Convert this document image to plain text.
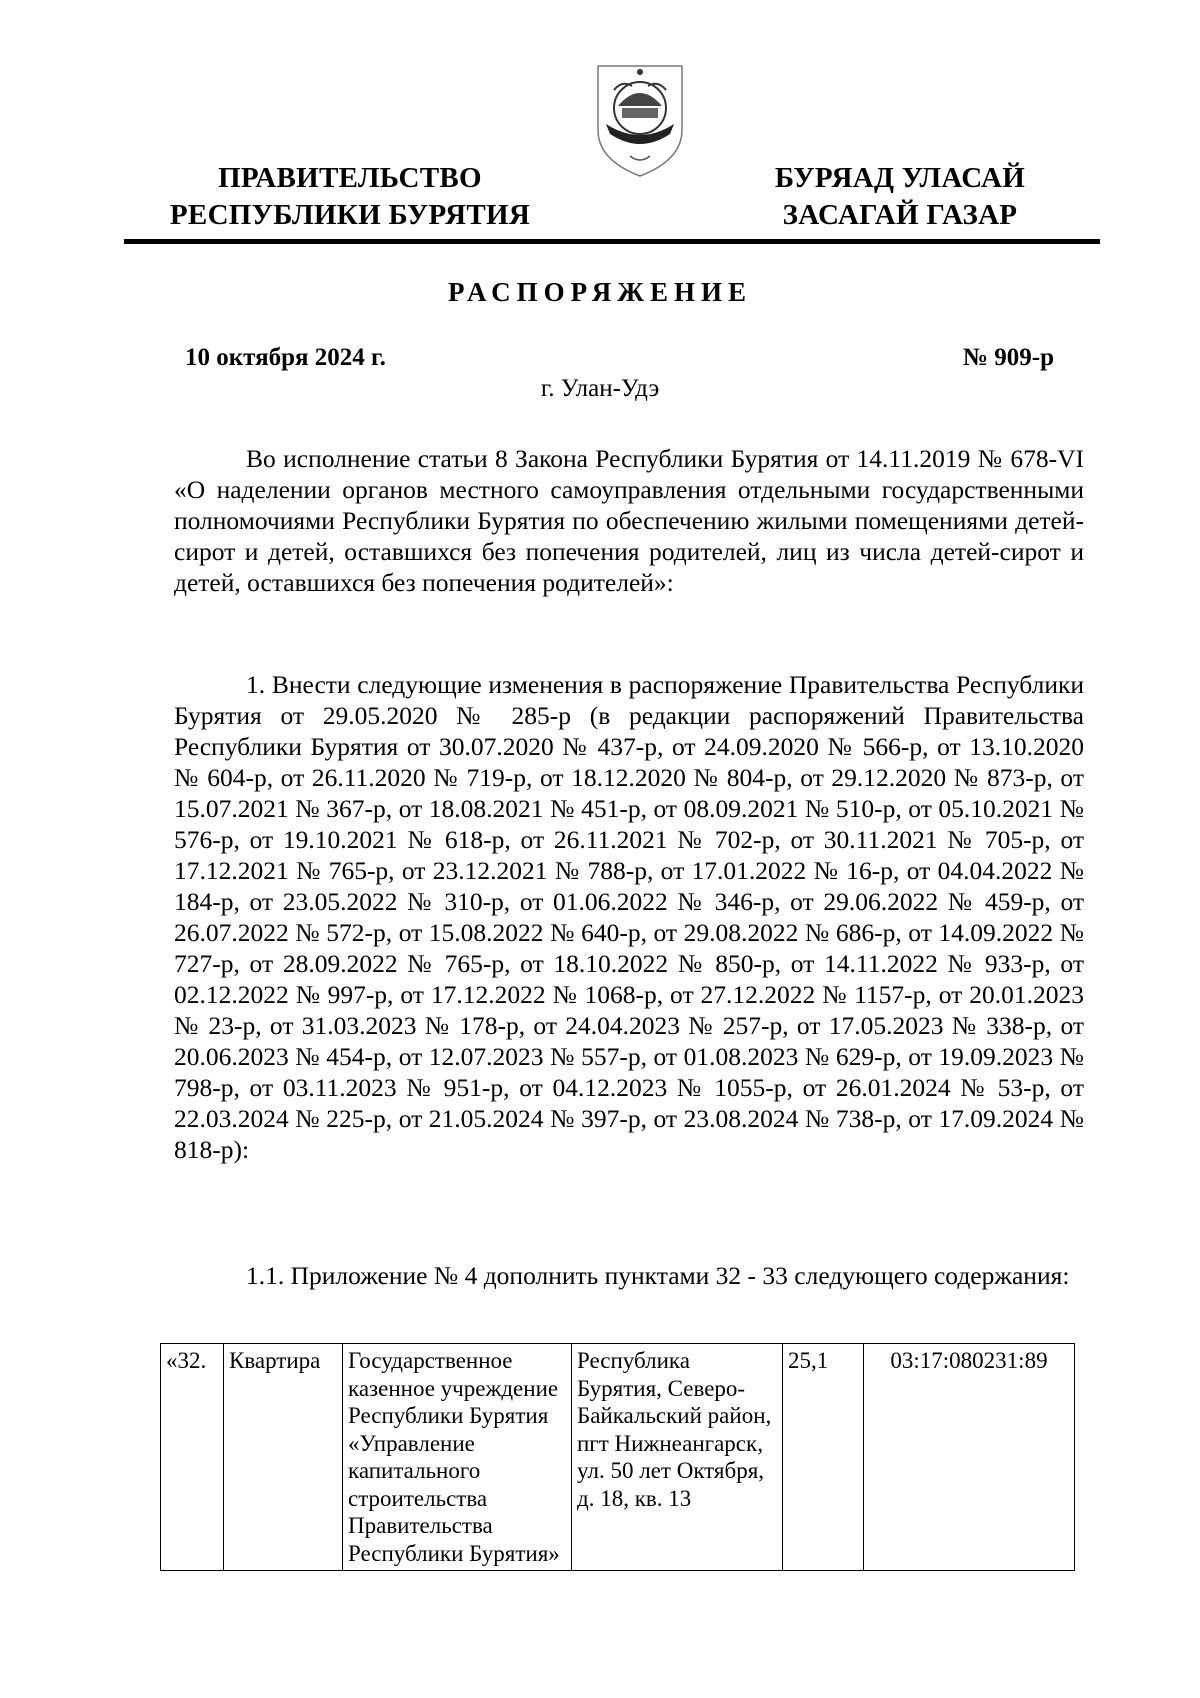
ПРАВИТЕЛЬСТВО
РЕСПУБЛИКИ БУРЯТИЯ
БУРЯАД УЛАСАЙ
ЗАСАГАЙ ГАЗАР
РАСПОРЯЖЕНИЕ
10 октября 2024 г.	№ 909-р
г. Улан-Удэ
Во исполнение статьи 8 Закона Республики Бурятия от 14.11.2019 № 678-VI «О наделении органов местного самоуправления отдельными государственными полномочиями Республики Бурятия по обеспечению жилыми помещениями детей-сирот и детей, оставшихся без попечения родителей, лиц из числа детей-сирот и детей, оставшихся без попечения родителей»:
1. Внести следующие изменения в распоряжение Правительства Республики Бурятия от 29.05.2020 № 285-р (в редакции распоряжений Правительства Республики Бурятия от 30.07.2020 № 437-р, от 24.09.2020 № 566-р, от 13.10.2020 № 604-р, от 26.11.2020 № 719-р, от 18.12.2020 № 804-р, от 29.12.2020 № 873-р, от 15.07.2021 № 367-р, от 18.08.2021 № 451-р, от 08.09.2021 № 510-р, от 05.10.2021 № 576-р, от 19.10.2021 № 618-р, от 26.11.2021 № 702-р, от 30.11.2021 № 705-р, от 17.12.2021 № 765-р, от 23.12.2021 № 788-р, от 17.01.2022 № 16-р, от 04.04.2022 № 184-р, от 23.05.2022 № 310-р, от 01.06.2022 № 346-р, от 29.06.2022 № 459-р, от 26.07.2022 № 572-р, от 15.08.2022 № 640-р, от 29.08.2022 № 686-р, от 14.09.2022 № 727-р, от 28.09.2022 № 765-р, от 18.10.2022 № 850-р, от 14.11.2022 № 933-р, от 02.12.2022 № 997-р, от 17.12.2022 № 1068-р, от 27.12.2022 № 1157-р, от 20.01.2023 № 23-р, от 31.03.2023 № 178-р, от 24.04.2023 № 257-р, от 17.05.2023 № 338-р, от 20.06.2023 № 454-р, от 12.07.2023 № 557-р, от 01.08.2023 № 629-р, от 19.09.2023 № 798-р, от 03.11.2023 № 951-р, от 04.12.2023 № 1055-р, от 26.01.2024 № 53-р, от 22.03.2024 № 225-р, от 21.05.2024 № 397-р, от 23.08.2024 № 738-р, от 17.09.2024 № 818-р):
1.1. Приложение № 4 дополнить пунктами 32 - 33 следующего содержания:
«32.	Квартира	Государственное казенное учреждение Республики Бурятия «Управление капитального строительства Правительства Республики Бурятия»	Республика Бурятия, Северо-Байкальский район, пгт Нижнеангарск, ул. 50 лет Октября, д. 18, кв. 13	25,1	03:17:080231:89
